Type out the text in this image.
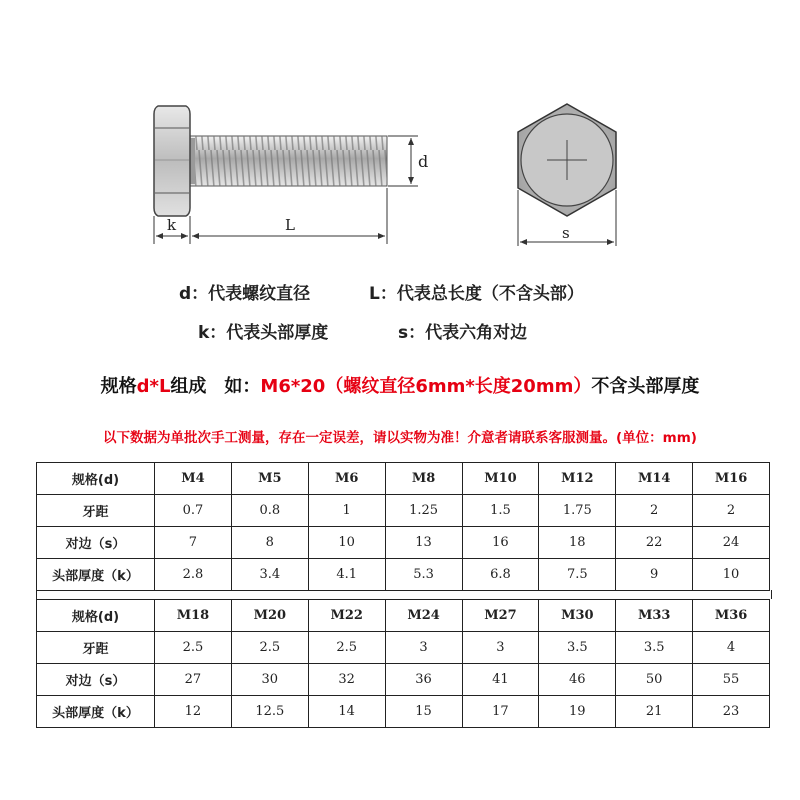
d
k	L	s
d：代表螺纹直径	L：代表总长度（不含头部）
k：代表头部厚度	s：代表六角对边
规格d*L组成　如：M6*20（螺纹直径6mm*长度20mm）不含头部厚度
以下数据为单批次手工测量，存在一定误差，请以实物为准！介意者请联系客服测量。(单位：mm)
规格(d)	M4	M5	M6	M8	M10	M12	M14	M16
牙距	0.7	0.8	1	1.25	1.5	1.75	2	2
对边（s）	7	8	10	13	16	18	22	24
头部厚度（k）	2.8	3.4	4.1	5.3	6.8	7.5	9	10
规格(d)	M18	M20	M22	M24	M27	M30	M33	M36
牙距	2.5	2.5	2.5	3	3	3.5	3.5	4
对边（s）	27	30	32	36	41	46	50	55
头部厚度（k）	12	12.5	14	15	17	19	21	23
